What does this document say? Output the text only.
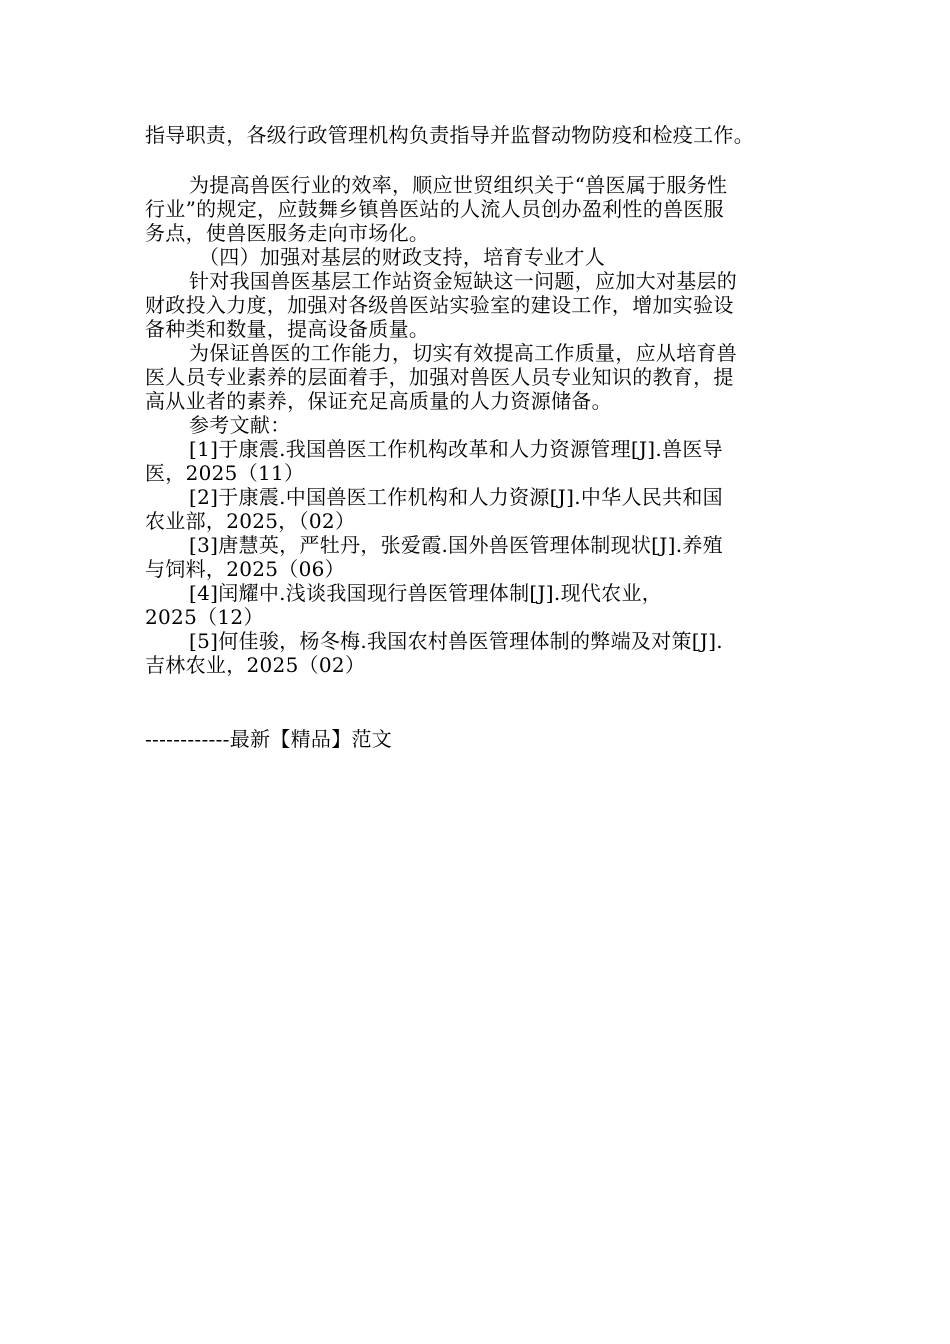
指导职责，各级行政管理机构负责指导并监督动物防疫和检疫工作。
为提高兽医行业的效率，顺应世贸组织关于“兽医属于服务性
行业”的规定，应鼓舞乡镇兽医站的人流人员创办盈利性的兽医服
务点，使兽医服务走向市场化。
（四）加强对基层的财政支持，培育专业才人
针对我国兽医基层工作站资金短缺这一问题，应加大对基层的
财政投入力度，加强对各级兽医站实验室的建设工作，增加实验设
备种类和数量，提高设备质量。
为保证兽医的工作能力，切实有效提高工作质量，应从培育兽
医人员专业素养的层面着手，加强对兽医人员专业知识的教育，提
高从业者的素养，保证充足高质量的人力资源储备。
参考文献：
[1]于康震.我国兽医工作机构改革和人力资源管理[J].兽医导
医，2025（11）
[2]于康震.中国兽医工作机构和人力资源[J].中华人民共和国
农业部，2025，（02）
[3]唐慧英，严牡丹，张爱霞.国外兽医管理体制现状[J].养殖
与饲料，2025（06）
[4]闰耀中.浅谈我国现行兽医管理体制[J].现代农业，
2025（12）
[5]何佳骏，杨冬梅.我国农村兽医管理体制的弊端及对策[J].
吉林农业，2025（02）
------------最新【精品】范文
